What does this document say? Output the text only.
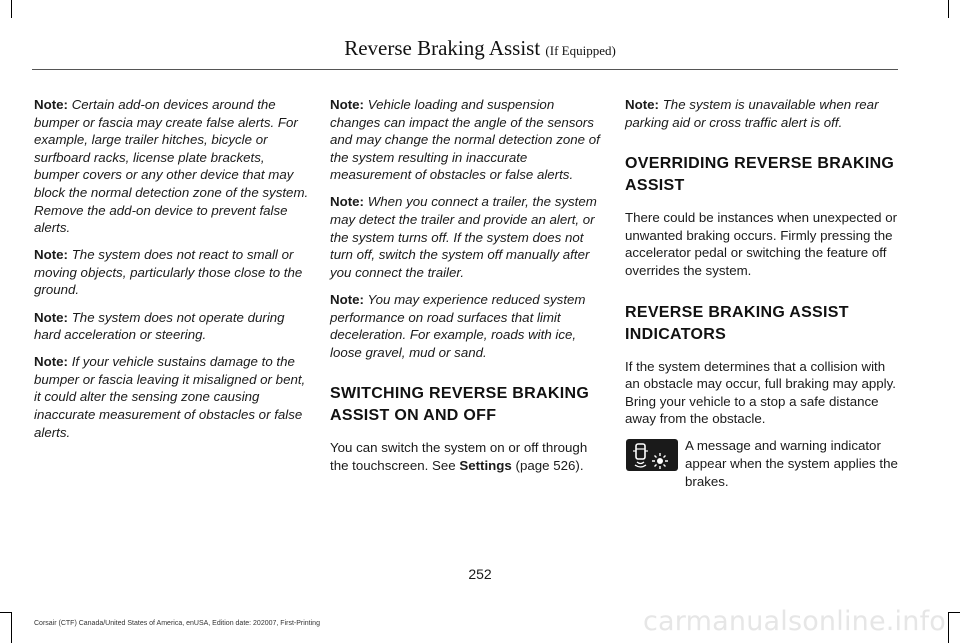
Reverse Braking Assist (If Equipped)

Note: Certain add-on devices around the bumper or fascia may create false alerts. For example, large trailer hitches, bicycle or surfboard racks, license plate brackets, bumper covers or any other device that may block the normal detection zone of the system. Remove the add-on device to prevent false alerts.

Note: The system does not react to small or moving objects, particularly those close to the ground.

Note: The system does not operate during hard acceleration or steering.

Note: If your vehicle sustains damage to the bumper or fascia leaving it misaligned or bent, it could alter the sensing zone causing inaccurate measurement of obstacles or false alerts.

Note: Vehicle loading and suspension changes can impact the angle of the sensors and may change the normal detection zone of the system resulting in inaccurate measurement of obstacles or false alerts.

Note: When you connect a trailer, the system may detect the trailer and provide an alert, or the system turns off. If the system does not turn off, switch the system off manually after you connect the trailer.

Note: You may experience reduced system performance on road surfaces that limit deceleration. For example, roads with ice, loose gravel, mud or sand.

SWITCHING REVERSE BRAKING
ASSIST ON AND OFF

You can switch the system on or off through the touchscreen. See Settings (page 526).

Note: The system is unavailable when rear parking aid or cross traffic alert is off.

OVERRIDING REVERSE BRAKING
ASSIST

There could be instances when unexpected or unwanted braking occurs. Firmly pressing the accelerator pedal or switching the feature off overrides the system.

REVERSE BRAKING ASSIST
INDICATORS

If the system determines that a collision with an obstacle may occur, full braking may apply. Bring your vehicle to a stop a safe distance away from the obstacle.

A message and warning indicator appear when the system applies the brakes.
252
Corsair (CTF) Canada/United States of America, enUSA, Edition date: 202007, First-Printing	carmanualsonline.info
